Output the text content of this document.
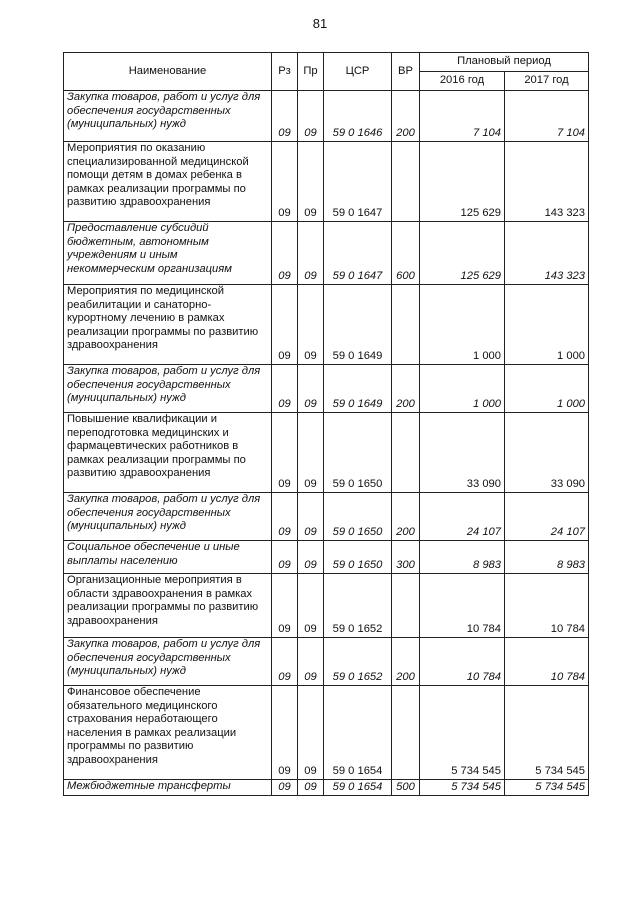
81
Наименование	Рз	Пр	ЦСР	ВР	Плановый период	
					2016 год	2017 год
Закупка товаров, работ и услуг для обеспечения государственных (муниципальных) нужд	09	09	59 0 1646	200	7 104	7 104
Мероприятия по оказанию специализированной медицинской помощи детям в домах ребенка в рамках реализации программы по развитию здравоохранения	09	09	59 0 1647		125 629	143 323
Предоставление субсидий бюджетным, автономным учреждениям и иным некоммерческим организациям	09	09	59 0 1647	600	125 629	143 323
Мероприятия по медицинской реабилитации и санаторно-курортному лечению в рамках реализации программы по развитию здравоохранения	09	09	59 0 1649		1 000	1 000
Закупка товаров, работ и услуг для обеспечения государственных (муниципальных) нужд	09	09	59 0 1649	200	1 000	1 000
Повышение квалификации и переподготовка медицинских и фармацевтических работников в рамках реализации программы по развитию здравоохранения	09	09	59 0 1650		33 090	33 090
Закупка товаров, работ и услуг для обеспечения государственных (муниципальных) нужд	09	09	59 0 1650	200	24 107	24 107
Социальное обеспечение и иные выплаты населению	09	09	59 0 1650	300	8 983	8 983
Организационные мероприятия в области здравоохранения в рамках реализации программы по развитию здравоохранения	09	09	59 0 1652		10 784	10 784
Закупка товаров, работ и услуг для обеспечения государственных (муниципальных) нужд	09	09	59 0 1652	200	10 784	10 784
Финансовое обеспечение обязательного медицинского страхования неработающего населения в рамках реализации программы по развитию здравоохранения	09	09	59 0 1654		5 734 545	5 734 545
Межбюджетные трансферты	09	09	59 0 1654	500	5 734 545	5 734 545
